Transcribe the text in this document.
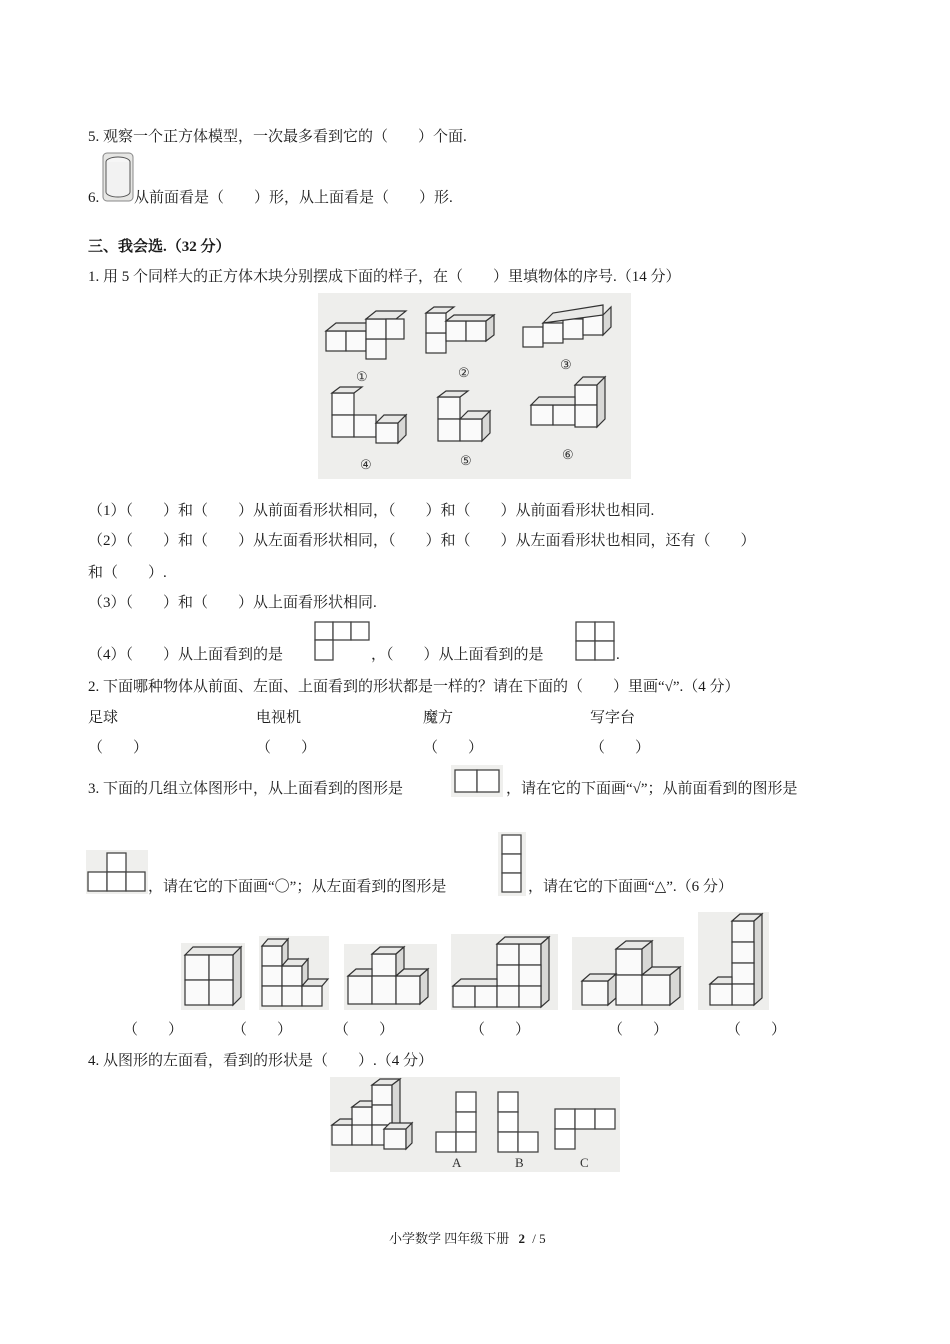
5. 观察一个正方体模型，一次最多看到它的（　　）个面.
6. 从前面看是（　　）形，从上面看是（　　）形.
三、我会选.（32 分）
1. 用 5 个同样大的正方体木块分别摆成下面的样子，在（　　）里填物体的序号.（14 分）
①	②
③
④	⑤	⑥
（1）（　　）和（　　）从前面看形状相同，（　　）和（　　）从前面看形状也相同.
（2）（　　）和（　　）从左面看形状相同，（　　）和（　　）从左面看形状也相同，还有（　　）
和（　　）.
（3）（　　）和（　　）从上面看形状相同.
（4）（　　）从上面看到的是	，（　　）从上面看到的是	.
2. 下面哪种物体从前面、左面、上面看到的形状都是一样的？请在下面的（　　）里画“√”.（4 分）
足球	电视机	魔方	写字台
（　　）	（　　）	（　　）	（　　）
3. 下面的几组立体图形中，从上面看到的图形是	，请在它的下面画“√”；从前面看到的图形是
，请在它的下面画“〇”；从左面看到的图形是	，请在它的下面画“△”.（6 分）
（　　）	（　　）	（　　）	（　　）	（　　）	（　　）
4. 从图形的左面看，看到的形状是（　　）.（4 分）
A	B	C
小学数学 四年级下册 2 / 5
